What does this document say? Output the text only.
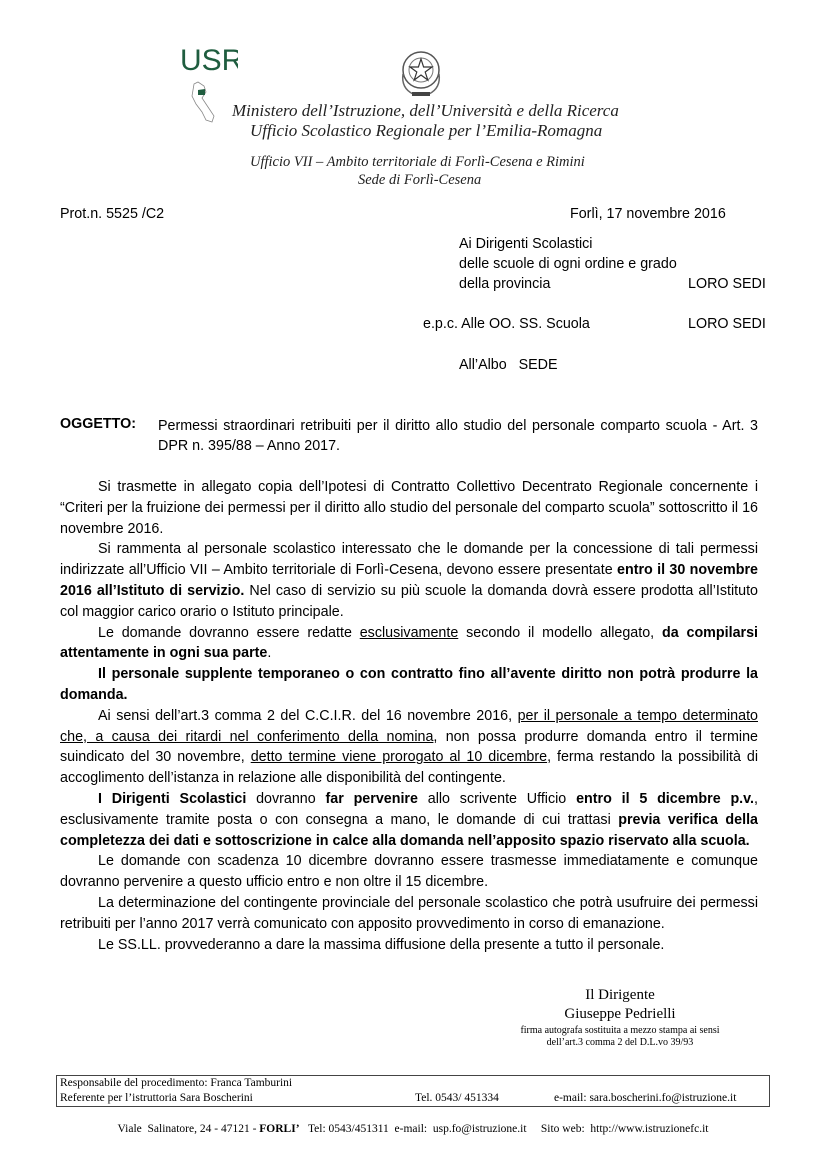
USR
Ministero dell’Istruzione, dell’Università e della Ricerca
Ufficio Scolastico Regionale per l’Emilia-Romagna
Ufficio VII – Ambito territoriale di Forlì-Cesena e Rimini
Sede di Forlì-Cesena
Prot.n. 5525 /C2	Forlì, 17 novembre 2016
Ai Dirigenti Scolastici
delle scuole di ogni ordine e grado
della provincia	LORO SEDI
e.p.c. Alle OO. SS. Scuola	LORO SEDI
All’Albo   SEDE
OGGETTO: Permessi straordinari retribuiti per il diritto allo studio del personale comparto scuola - Art. 3 DPR n. 395/88 – Anno 2017.

Si trasmette in allegato copia dell’Ipotesi di Contratto Collettivo Decentrato Regionale concernente i “Criteri per la fruizione dei permessi per il diritto allo studio del personale del comparto scuola” sottoscritto il 16 novembre 2016.

Si rammenta al personale scolastico interessato che le domande per la concessione di tali permessi indirizzate all’Ufficio VII – Ambito territoriale di Forlì-Cesena, devono essere presentate entro il 30 novembre 2016 all’Istituto di servizio. Nel caso di servizio su più scuole la domanda dovrà essere prodotta all’Istituto col maggior carico orario o Istituto principale.

Le domande dovranno essere redatte esclusivamente secondo il modello allegato, da compilarsi attentamente in ogni sua parte.

Il personale supplente temporaneo o con contratto fino all’avente diritto non potrà produrre la domanda.

Ai sensi dell’art.3 comma 2 del C.C.I.R. del 16 novembre 2016, per il personale a tempo determinato che, a causa dei ritardi nel conferimento della nomina, non possa produrre domanda entro il termine suindicato del 30 novembre, detto termine viene prorogato al 10 dicembre, ferma restando la possibilità di accoglimento dell’istanza in relazione alle disponibilità del contingente.

I Dirigenti Scolastici dovranno far pervenire allo scrivente Ufficio entro il 5 dicembre p.v., esclusivamente tramite posta o con consegna a mano, le domande di cui trattasi previa verifica della completezza dei dati e sottoscrizione in calce alla domanda nell’apposito spazio riservato alla scuola.

Le domande con scadenza 10 dicembre dovranno essere trasmesse immediatamente e comunque dovranno pervenire a questo ufficio entro e non oltre il 15 dicembre.

La determinazione del contingente provinciale del personale scolastico che potrà usufruire dei permessi retribuiti per l’anno 2017 verrà comunicato con apposito provvedimento in corso di emanazione.

Le SS.LL. provvederanno a dare la massima diffusione della presente a tutto il personale.

Il Dirigente
Giuseppe Pedrielli
firma autografa sostituita a mezzo stampa ai sensi
dell’art.3 comma 2 del D.L.vo 39/93
Responsabile del procedimento: Franca Tamburini
Referente per l’istruttoria Sara Boscherini	Tel. 0543/ 451334	e-mail: sara.boscherini.fo@istruzione.it
Viale  Salinatore, 24 - 47121 - FORLI’   Tel: 0543/451311  e-mail:  usp.fo@istruzione.it     Sito web:  http://www.istruzionefc.it
